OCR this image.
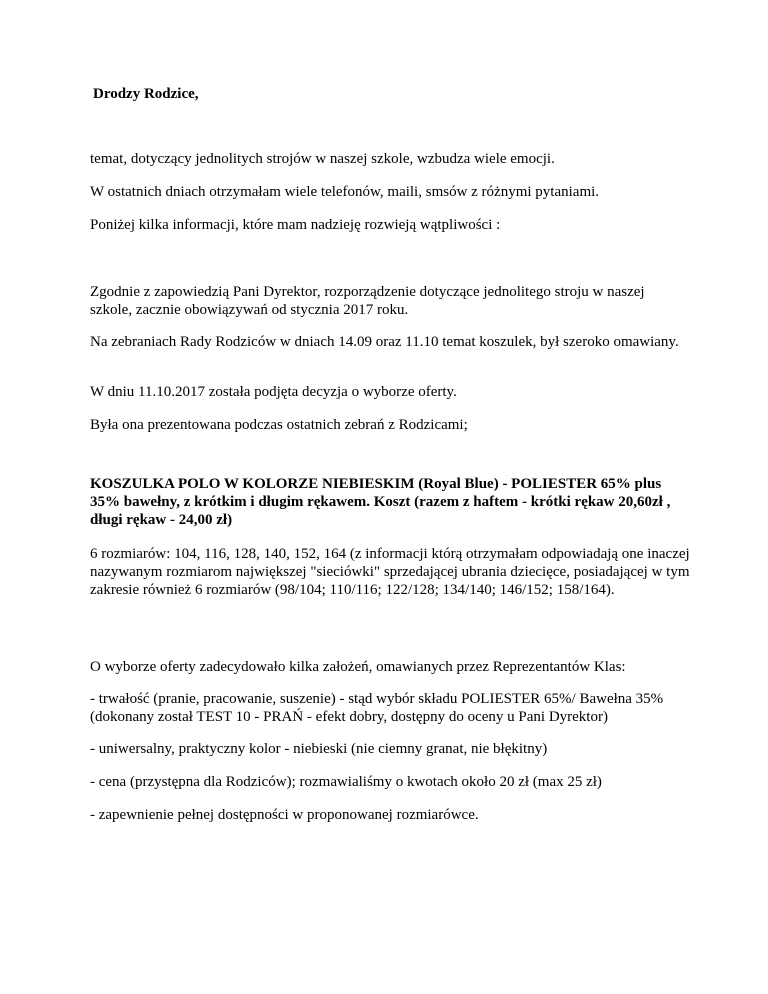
Drodzy Rodzice,

temat, dotyczący jednolitych strojów w naszej szkole, wzbudza wiele emocji.

W ostatnich dniach otrzymałam wiele telefonów, maili, smsów z różnymi pytaniami.

Poniżej kilka informacji, które mam nadzieję rozwieją wątpliwości :

Zgodnie z zapowiedzią Pani Dyrektor, rozporządzenie dotyczące jednolitego stroju w naszej szkole, zacznie obowiązywań od stycznia 2017 roku.

Na zebraniach Rady Rodziców w dniach 14.09 oraz 11.10 temat koszulek, był szeroko omawiany.

W dniu 11.10.2017 została podjęta decyzja o wyborze oferty.

Była ona prezentowana podczas ostatnich zebrań z Rodzicami;

KOSZULKA POLO W KOLORZE NIEBIESKIM (Royal Blue) - POLIESTER 65% plus 35% bawełny, z krótkim i długim rękawem. Koszt (razem z haftem - krótki rękaw 20,60zł , długi rękaw - 24,00 zł)

6 rozmiarów: 104, 116, 128, 140, 152, 164 (z informacji którą otrzymałam odpowiadają one inaczej nazywanym rozmiarom największej "sieciówki" sprzedającej ubrania dziecięce, posiadającej w tym zakresie również 6 rozmiarów (98/104; 110/116; 122/128; 134/140; 146/152; 158/164).

O wyborze oferty zadecydowało kilka założeń, omawianych przez Reprezentantów Klas:

- trwałość (pranie, pracowanie, suszenie) - stąd wybór składu POLIESTER 65%/ Bawełna 35% (dokonany został TEST 10 - PRAŃ - efekt dobry, dostępny do oceny u Pani Dyrektor)

- uniwersalny, praktyczny kolor - niebieski (nie ciemny granat, nie błękitny)

- cena (przystępna dla Rodziców); rozmawialiśmy o kwotach około 20 zł (max 25 zł)

- zapewnienie pełnej dostępności w proponowanej rozmiarówce.
